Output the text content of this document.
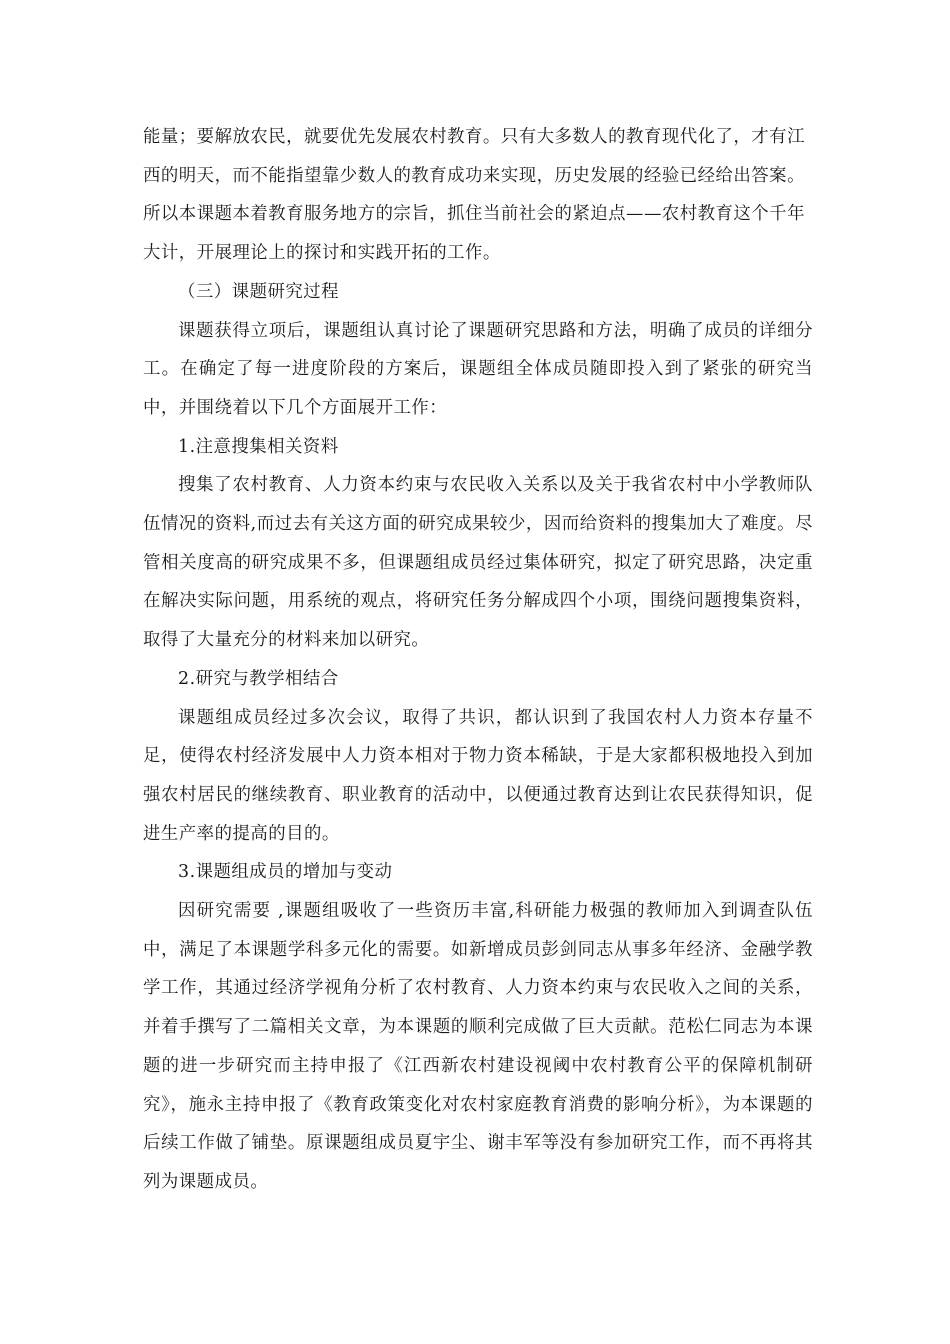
能量；要解放农民，就要优先发展农村教育。只有大多数人的教育现代化了，才有江西的明天，而不能指望靠少数人的教育成功来实现，历史发展的经验已经给出答案。所以本课题本着教育服务地方的宗旨，抓住当前社会的紧迫点——农村教育这个千年大计，开展理论上的探讨和实践开拓的工作。

（三）课题研究过程

课题获得立项后，课题组认真讨论了课题研究思路和方法，明确了成员的详细分工。在确定了每一进度阶段的方案后，课题组全体成员随即投入到了紧张的研究当中，并围绕着以下几个方面展开工作：

1.注意搜集相关资料

搜集了农村教育、人力资本约束与农民收入关系以及关于我省农村中小学教师队伍情况的资料,而过去有关这方面的研究成果较少，因而给资料的搜集加大了难度。尽管相关度高的研究成果不多，但课题组成员经过集体研究，拟定了研究思路，决定重在解决实际问题，用系统的观点，将研究任务分解成四个小项，围绕问题搜集资料，取得了大量充分的材料来加以研究。

2.研究与教学相结合

课题组成员经过多次会议，取得了共识，都认识到了我国农村人力资本存量不足，使得农村经济发展中人力资本相对于物力资本稀缺，于是大家都积极地投入到加强农村居民的继续教育、职业教育的活动中，以便通过教育达到让农民获得知识，促进生产率的提高的目的。

3.课题组成员的增加与变动

因研究需要 ,课题组吸收了一些资历丰富,科研能力极强的教师加入到调查队伍中，满足了本课题学科多元化的需要。如新增成员彭剑同志从事多年经济、金融学教学工作，其通过经济学视角分析了农村教育、人力资本约束与农民收入之间的关系，并着手撰写了二篇相关文章，为本课题的顺利完成做了巨大贡献。范松仁同志为本课题的进一步研究而主持申报了《江西新农村建设视阈中农村教育公平的保障机制研究》，施永主持申报了《教育政策变化对农村家庭教育消费的影响分析》，为本课题的后续工作做了铺垫。原课题组成员夏宇尘、谢丰军等没有参加研究工作，而不再将其列为课题成员。
